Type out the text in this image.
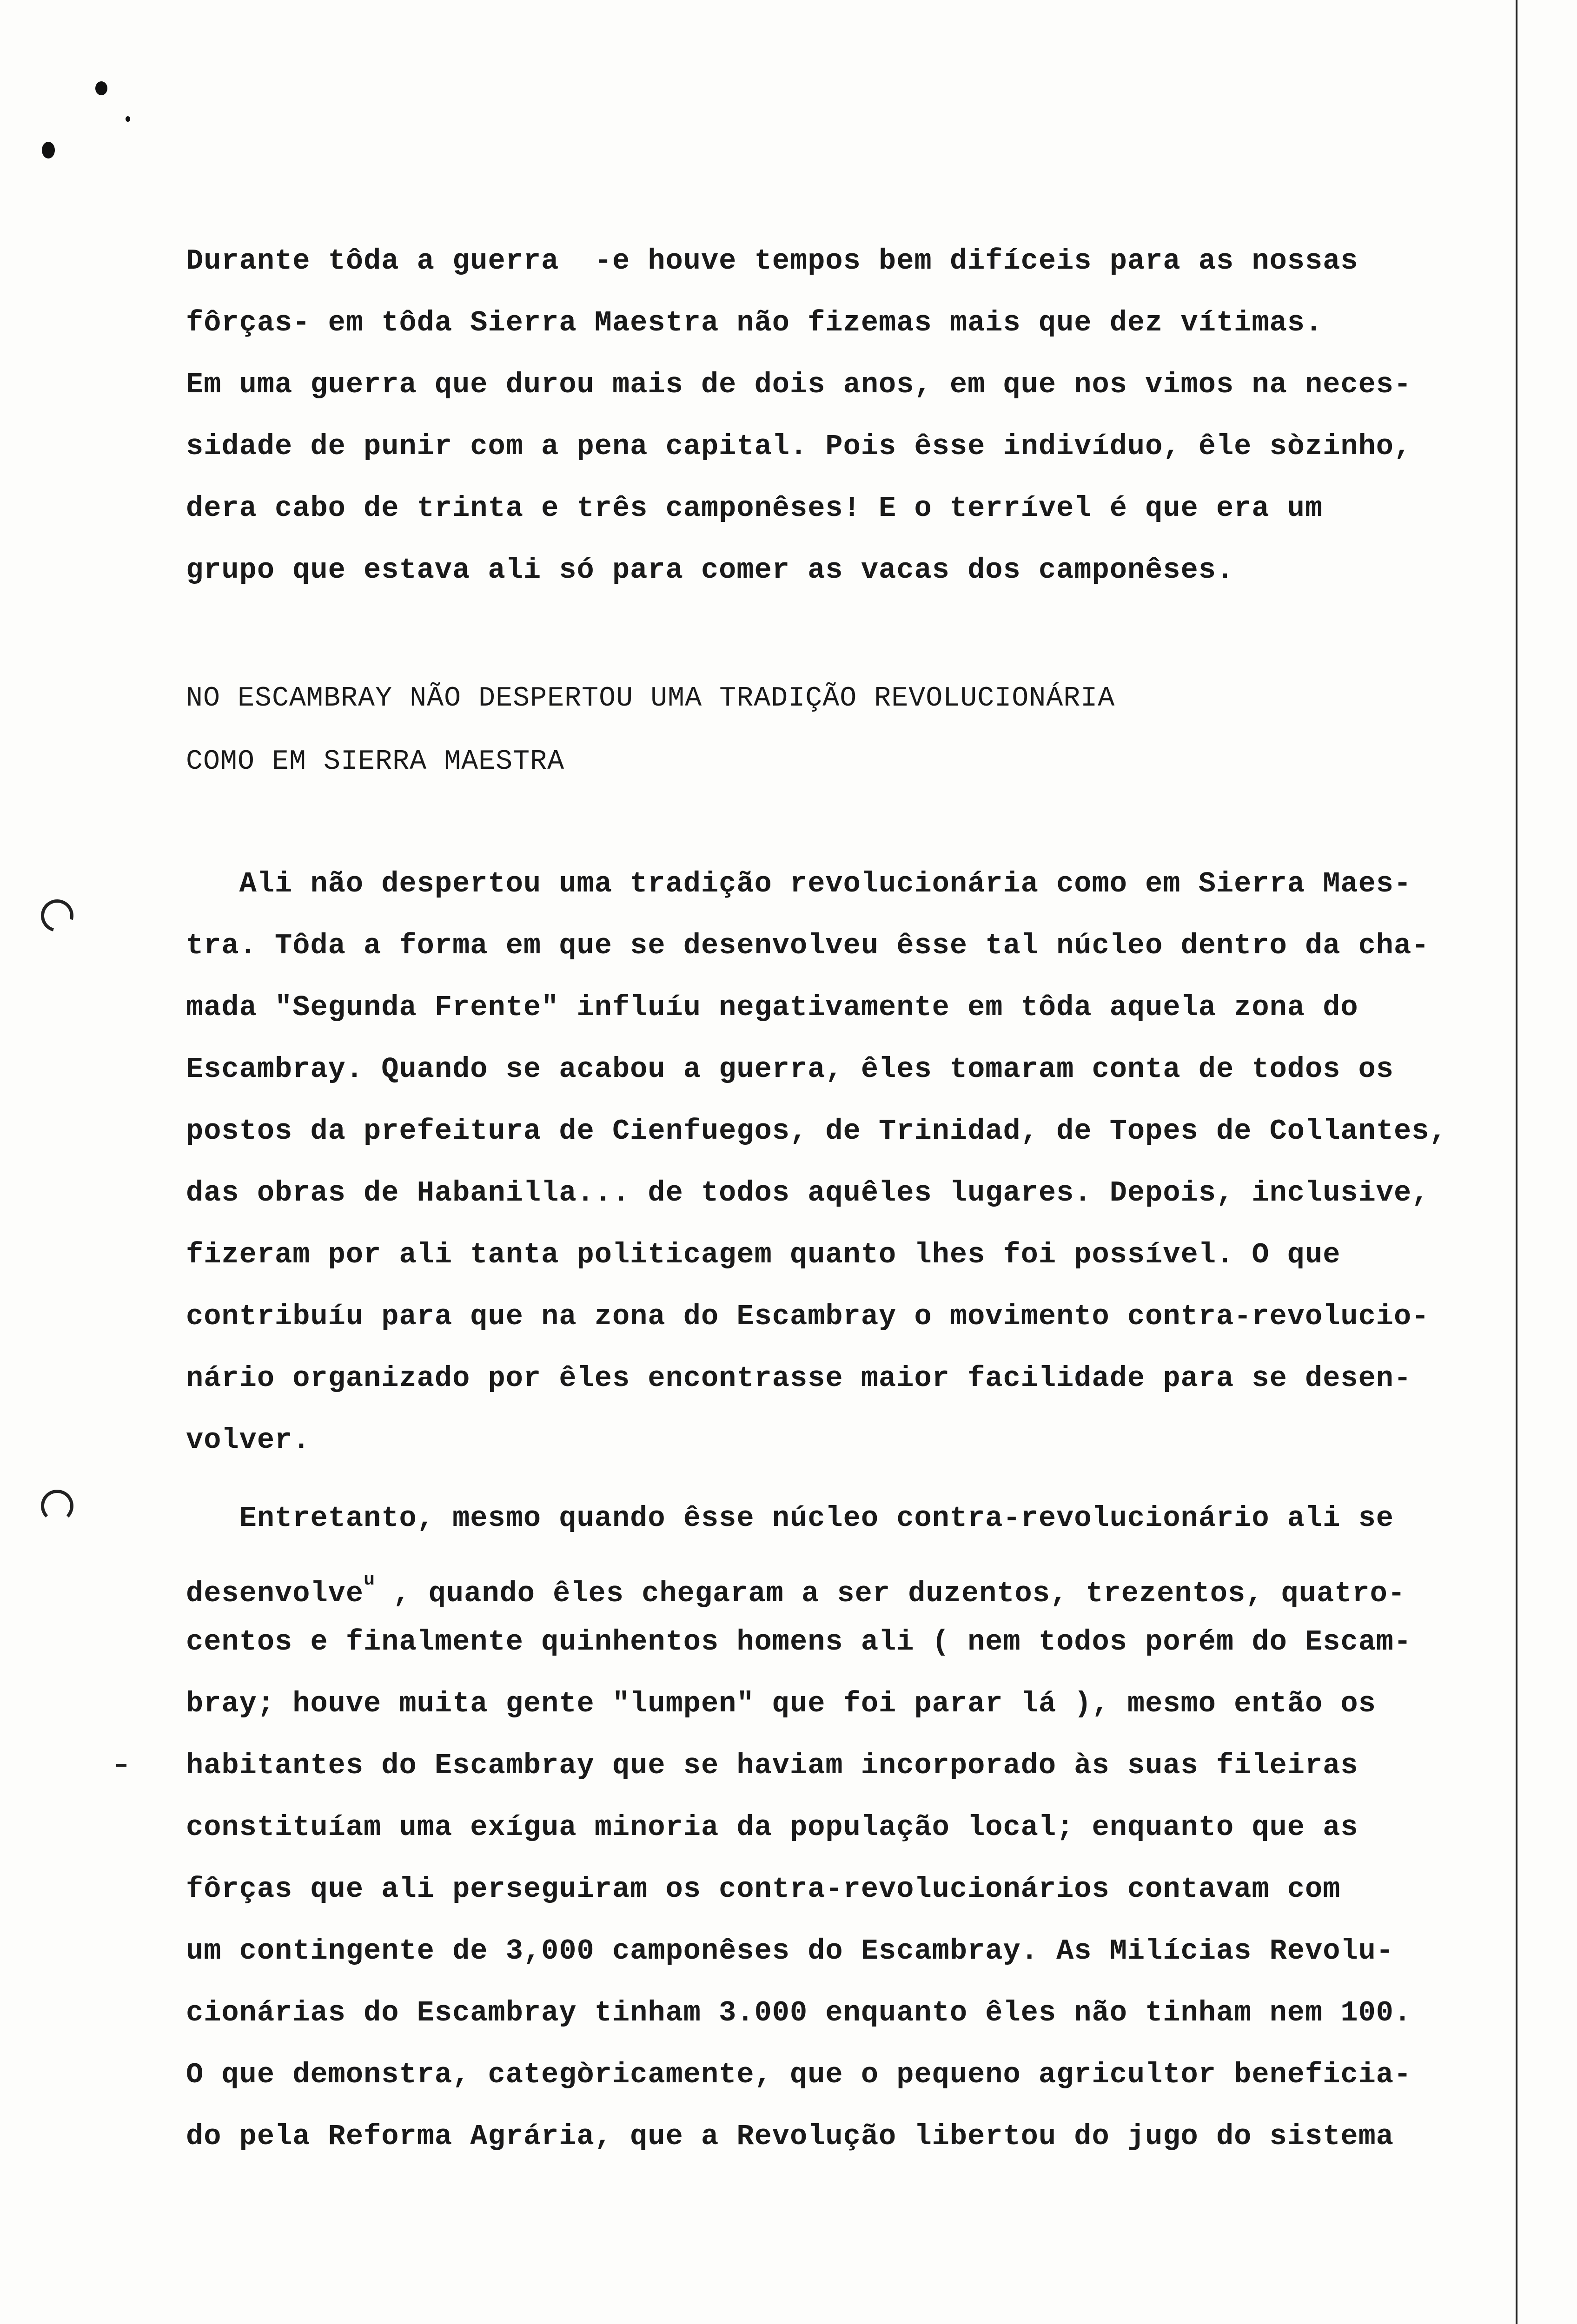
Durante tôda a guerra  -e houve tempos bem difíceis para as nossas
fôrças- em tôda Sierra Maestra não fizemas mais que dez vítimas.
Em uma guerra que durou mais de dois anos, em que nos vimos na neces-
sidade de punir com a pena capital. Pois êsse indivíduo, êle sòzinho,
dera cabo de trinta e três camponêses! E o terrível é que era um
grupo que estava ali só para comer as vacas dos camponêses.
NO ESCAMBRAY NÃO DESPERTOU UMA TRADIÇÃO REVOLUCIONÁRIA
COMO EM SIERRA MAESTRA
Ali não despertou uma tradição revolucionária como em Sierra Maes-
tra. Tôda a forma em que se desenvolveu êsse tal núcleo dentro da cha-
mada "Segunda Frente" influíu negativamente em tôda aquela zona do
Escambray. Quando se acabou a guerra, êles tomaram conta de todos os
postos da prefeitura de Cienfuegos, de Trinidad, de Topes de Collantes,
das obras de Habanilla... de todos aquêles lugares. Depois, inclusive,
fizeram por ali tanta politicagem quanto lhes foi possível. O que
contribuíu para que na zona do Escambray o movimento contra-revolucio-
nário organizado por êles encontrasse maior facilidade para se desen-
volver.
Entretanto, mesmo quando êsse núcleo contra-revolucionário ali se
desenvolve$^u$ , quando êles chegaram a ser duzentos, trezentos, quatro-
centos e finalmente quinhentos homens ali ( nem todos porém do Escam-
bray; houve muita gente "lumpen" que foi parar lá ), mesmo então os
habitantes do Escambray que se haviam incorporado às suas fileiras
constituíam uma exígua minoria da população local; enquanto que as
fôrças que ali perseguiram os contra-revolucionários contavam com
um contingente de 3,000 camponêses do Escambray. As Milícias Revolu-
cionárias do Escambray tinham 3.000 enquanto êles não tinham nem 100.
O que demonstra, categòricamente, que o pequeno agricultor beneficia-
do pela Reforma Agrária, que a Revolução libertou do jugo do sistema
